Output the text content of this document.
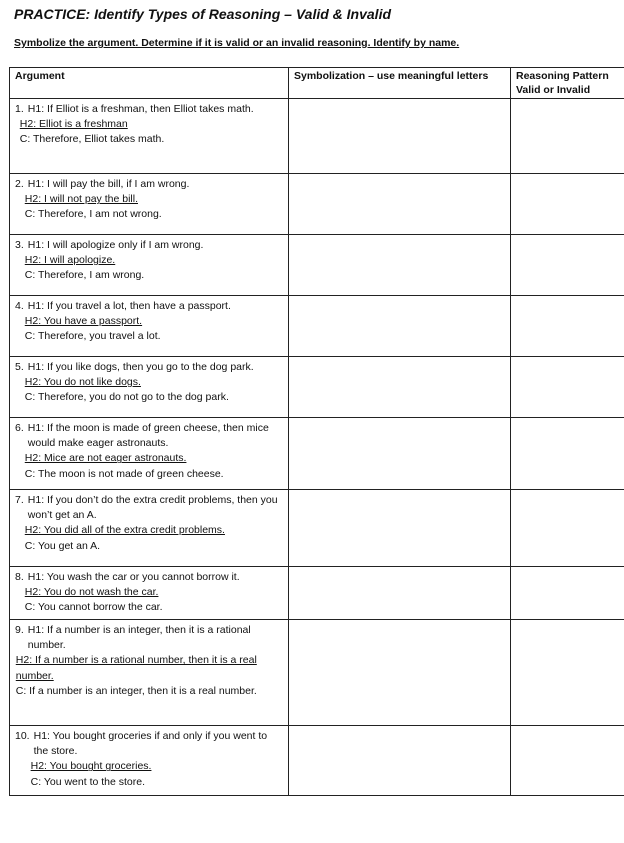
PRACTICE: Identify Types of Reasoning – Valid & Invalid
Symbolize the argument. Determine if it is valid or an invalid reasoning. Identify by name.
Argument	Symbolization – use meaningful letters	Reasoning Pattern
Valid or Invalid

1. H1: If Elliot is a freshman, then Elliot takes math.
H2: Elliot is a freshman
C: Therefore, Elliot takes math.		

2. H1: I will pay the bill, if I am wrong.
H2: I will not pay the bill.
C: Therefore, I am not wrong.		

3. H1: I will apologize only if I am wrong.
H2: I will apologize.
C: Therefore, I am wrong.		

4. H1: If you travel a lot, then have a passport.
H2: You have a passport.
C: Therefore, you travel a lot.		

5. H1: If you like dogs, then you go to the dog park.
H2: You do not like dogs.
C: Therefore, you do not go to the dog park.		

6. H1: If the moon is made of green cheese, then mice would make eager astronauts.
H2: Mice are not eager astronauts.
C: The moon is not made of green cheese.		

7. H1: If you don’t do the extra credit problems, then you won’t get an A.
H2: You did all of the extra credit problems.
C: You get an A.		

8. H1: You wash the car or you cannot borrow it.
H2: You do not wash the car.
C: You cannot borrow the car.		

9. H1: If a number is an integer, then it is a rational number.
H2: If a number is a rational number, then it is a real number.
C: If a number is an integer, then it is a real number.		

10. H1: You bought groceries if and only if you went to the store.
H2: You bought groceries.
C: You went to the store.		
